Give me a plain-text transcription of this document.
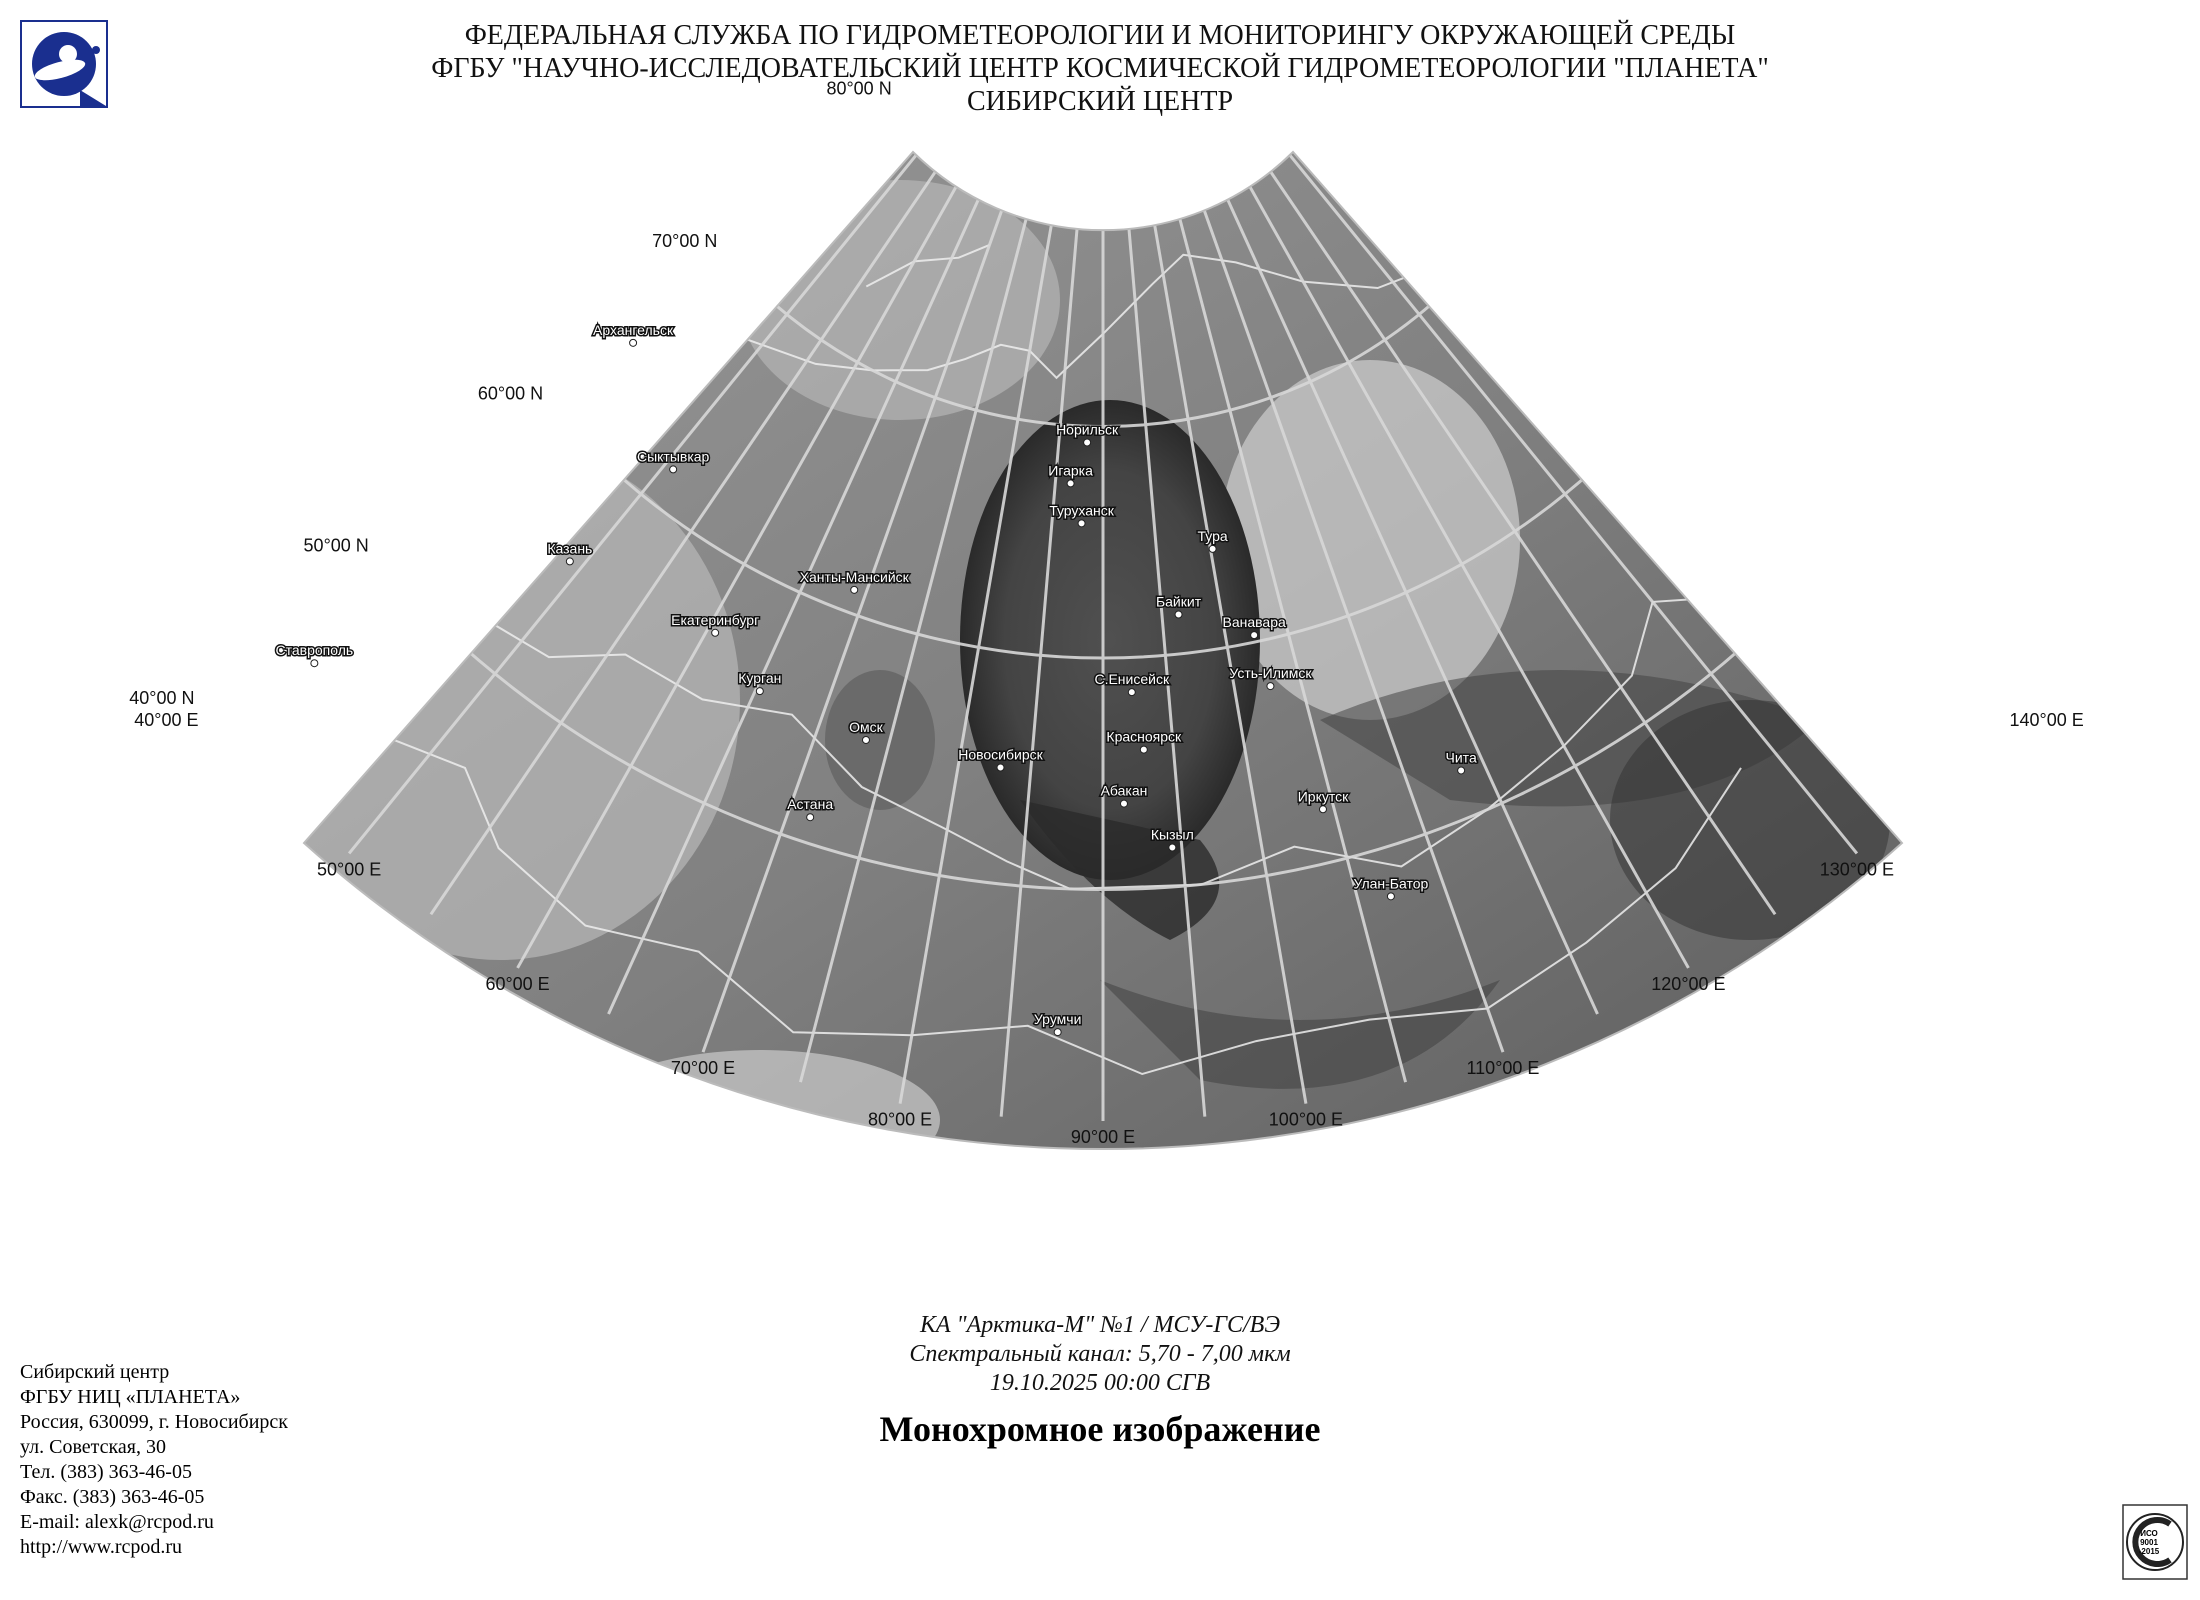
ФЕДЕРАЛЬНАЯ СЛУЖБА ПО ГИДРОМЕТЕОРОЛОГИИ И МОНИТОРИНГУ ОКРУЖАЮЩЕЙ СРЕДЫ
ФГБУ "НАУЧНО-ИССЛЕДОВАТЕЛЬСКИЙ ЦЕНТР КОСМИЧЕСКОЙ ГИДРОМЕТЕОРОЛОГИИ "ПЛАНЕТА"
СИБИРСКИЙ ЦЕНТР
80°00 N
70°00 N
60°00 N
50°00 N
40°00 N
40°00 E
50°00 E
60°00 E
70°00 E
80°00 E
90°00 E
100°00 E
110°00 E
120°00 E
130°00 E
140°00 E
Архангельск
Сыктывкар
Казань
Ставрополь
Екатеринбург
Курган
Ханты-Мансийск
Омск
Астана
Новосибирск
Норильск
Игарка
Туруханск
Тура
Байкит
Ванавара
С.Енисейск	Усть-Илимск
Красноярск
Абакан
Кызыл
Иркутск
Чита
Улан-Батор
Урумчи
КА "Арктика-М" №1 / МСУ-ГС/ВЭ
Спектральный канал: 5,70 - 7,00 мкм
19.10.2025 00:00 СГВ
Монохромное изображение
Сибирский центр
ФГБУ НИЦ «ПЛАНЕТА»
Россия, 630099, г. Новосибирск
ул. Советская, 30
Тел. (383) 363-46-05
Факс. (383) 363-46-05
E-mail: alexk@rcpod.ru
http://www.rcpod.ru
ИСО
9001
-2015
